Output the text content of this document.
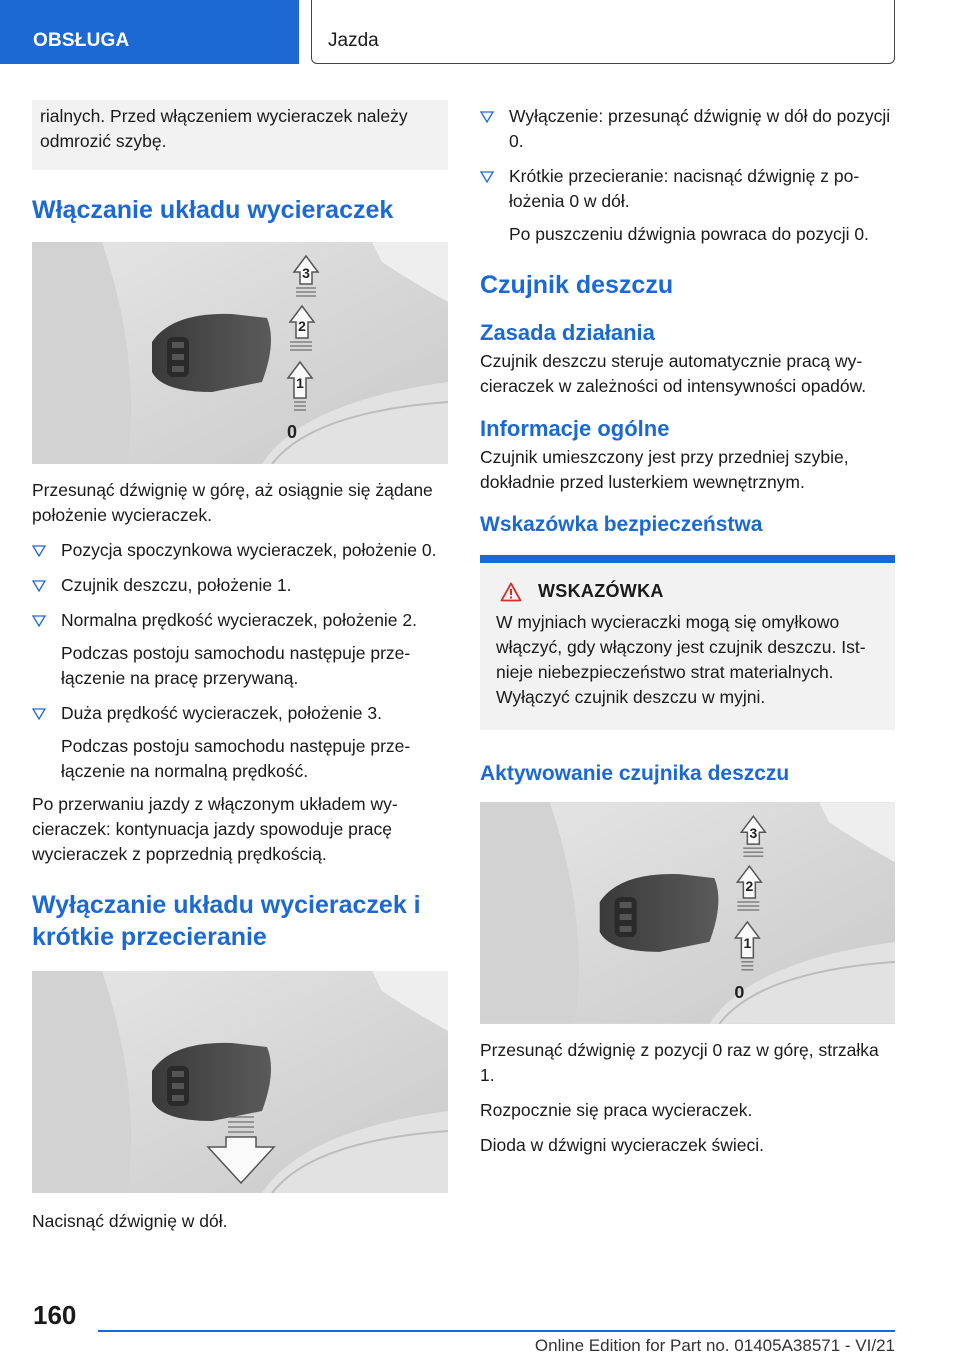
OBSŁUGA	Jazda
rialnych. Przed włączeniem wycieraczek należy odmrozić szybę.
Włączanie układu wycieraczek
3
2
1
0
Przesunąć dźwignię w górę, aż osiągnie się żądane położenie wycieraczek.
Pozycja spoczynkowa wycieraczek, położenie 0.
Czujnik deszczu, położenie 1.
Normalna prędkość wycieraczek, położenie 2.
Podczas postoju samochodu następuje przełączenie na pracę przerywaną.
Duża prędkość wycieraczek, położenie 3.
Podczas postoju samochodu następuje przełączenie na normalną prędkość.
Po przerwaniu jazdy z włączonym układem wycieraczek: kontynuacja jazdy spowoduje pracę wycieraczek z poprzednią prędkością.
Wyłączanie układu wycieraczek i krótkie przecieranie
Nacisnąć dźwignię w dół.
Wyłączenie: przesunąć dźwignię w dół do pozycji 0.
Krótkie przecieranie: nacisnąć dźwignię z położenia 0 w dół.
Po puszczeniu dźwignia powraca do pozycji 0.
Czujnik deszczu
Zasada działania
Czujnik deszczu steruje automatycznie pracą wycieraczek w zależności od intensywności opadów.
Informacje ogólne
Czujnik umieszczony jest przy przedniej szybie, dokładnie przed lusterkiem wewnętrznym.
Wskazówka bezpieczeństwa
WSKAZÓWKA
W myjniach wycieraczki mogą się omyłkowo włączyć, gdy włączony jest czujnik deszczu. Istnieje niebezpieczeństwo strat materialnych. Wyłączyć czujnik deszczu w myjni.
Aktywowanie czujnika deszczu
3
2
1
0
Przesunąć dźwignię z pozycji 0 raz w górę, strzałka 1.
Rozpocznie się praca wycieraczek.
Dioda w dźwigni wycieraczek świeci.
160
Online Edition for Part no. 01405A38571 - VI/21
